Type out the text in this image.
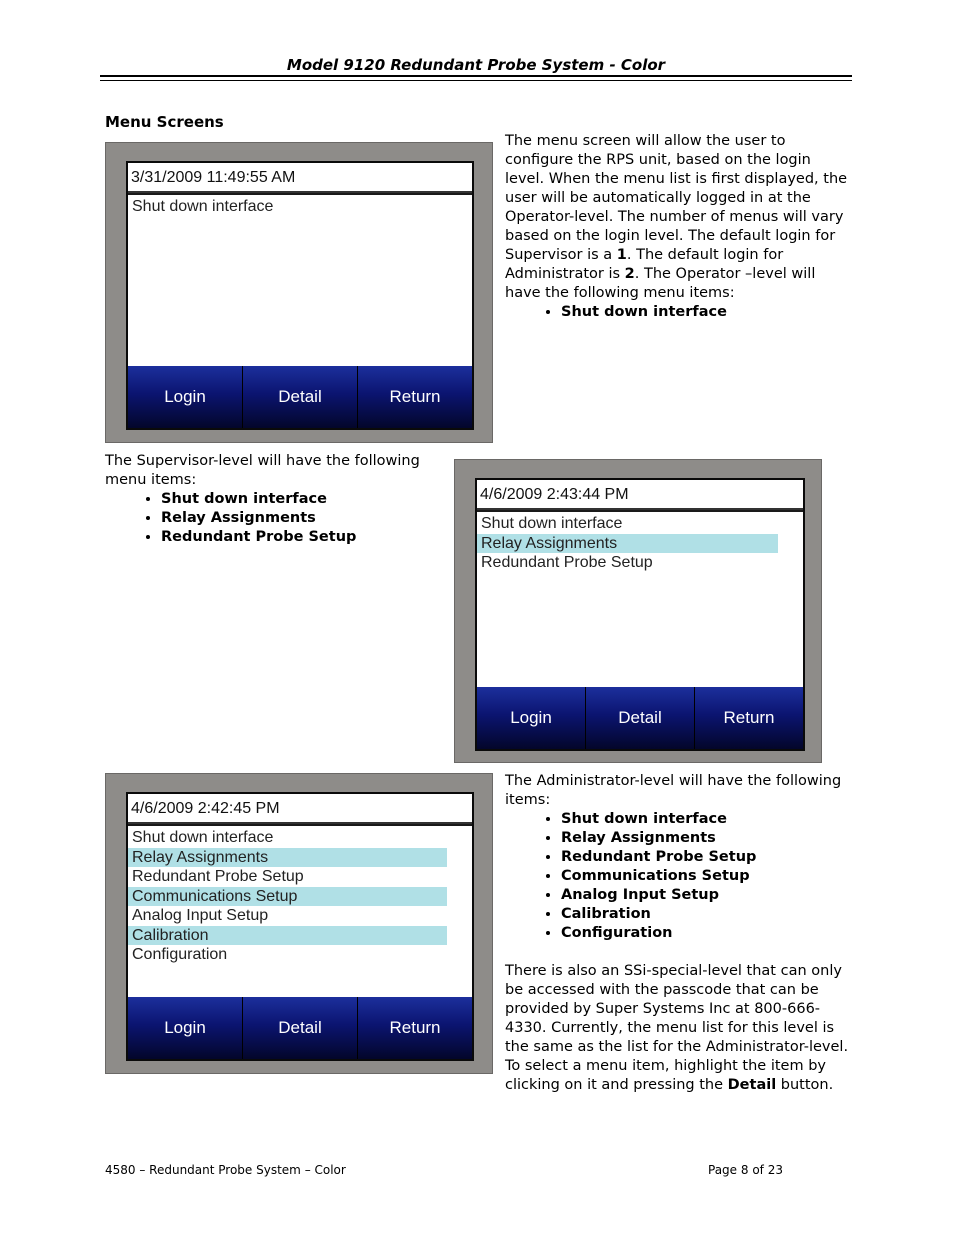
Model 9120 Redundant Probe System - Color
Menu Screens
3/31/2009 11:49:55 AM
Shut down interface
Login	Detail	Return

The menu screen will allow the user to configure the RPS unit, based on the login level. When the menu list is first displayed, the user will be automatically logged in at the Operator-level. The number of menus will vary based on the login level. The default login for Supervisor is a 1. The default login for Administrator is 2. The Operator –level will have the following menu items:

• Shut down interface

The Supervisor-level will have the following menu items:

• Shut down interface
• Relay Assignments
• Redundant Probe Setup
4/6/2009 2:43:44 PM
Shut down interface
Relay Assignments
Redundant Probe Setup
Login	Detail	Return
4/6/2009 2:42:45 PM
Shut down interface
Relay Assignments
Redundant Probe Setup
Communications Setup
Analog Input Setup
Calibration
Configuration
Login	Detail	Return

The Administrator-level will have the following items:

• Shut down interface
• Relay Assignments
• Redundant Probe Setup
• Communications Setup
• Analog Input Setup
• Calibration
• Configuration

There is also an SSi-special-level that can only be accessed with the passcode that can be provided by Super Systems Inc at 800-666-4330. Currently, the menu list for this level is the same as the list for the Administrator-level. To select a menu item, highlight the item by clicking on it and pressing the Detail button.

4580 – Redundant Probe System – Color	Page 8 of 23
